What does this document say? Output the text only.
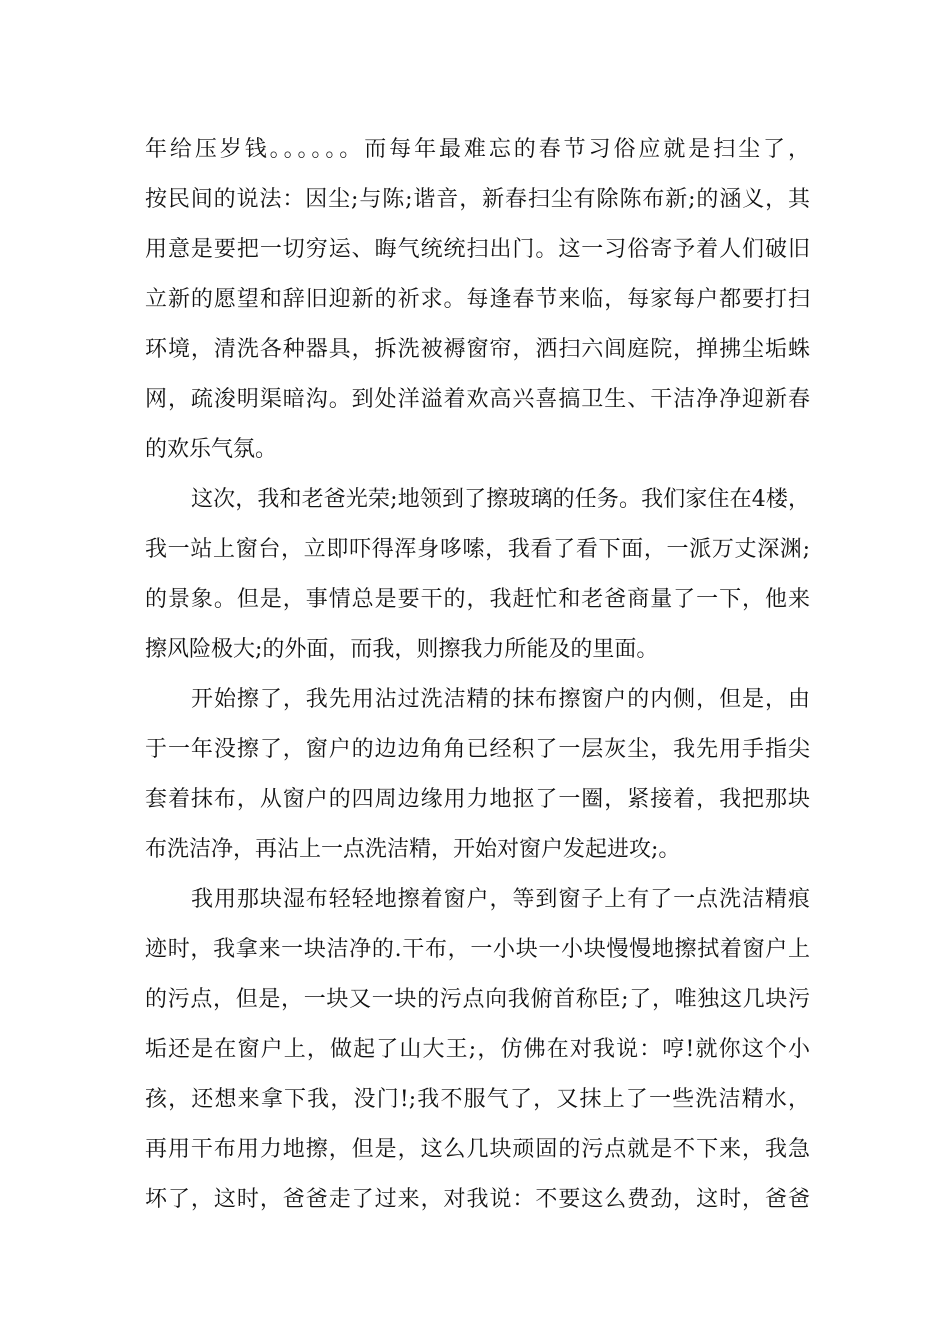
年给压岁钱。。。。。。而每年最难忘的春节习俗应就是扫尘了，
按民间的说法：因尘;与陈;谐音，新春扫尘有除陈布新;的涵义，其
用意是要把一切穷运、晦气统统扫出门。这一习俗寄予着人们破旧
立新的愿望和辞旧迎新的祈求。每逢春节来临，每家每户都要打扫
环境，清洗各种器具，拆洗被褥窗帘，洒扫六闾庭院，掸拂尘垢蛛
网，疏浚明渠暗沟。到处洋溢着欢高兴喜搞卫生、干洁净净迎新春
的欢乐气氛。
这次，我和老爸光荣;地领到了擦玻璃的任务。我们家住在4楼，
我一站上窗台，立即吓得浑身哆嗦，我看了看下面，一派万丈深渊;
的景象。但是，事情总是要干的，我赶忙和老爸商量了一下，他来
擦风险极大;的外面，而我，则擦我力所能及的里面。
开始擦了，我先用沾过洗洁精的抹布擦窗户的内侧，但是，由
于一年没擦了，窗户的边边角角已经积了一层灰尘，我先用手指尖
套着抹布，从窗户的四周边缘用力地抠了一圈，紧接着，我把那块
布洗洁净，再沾上一点洗洁精，开始对窗户发起进攻;。
我用那块湿布轻轻地擦着窗户，等到窗子上有了一点洗洁精痕
迹时，我拿来一块洁净的.干布，一小块一小块慢慢地擦拭着窗户上
的污点，但是，一块又一块的污点向我俯首称臣;了，唯独这几块污
垢还是在窗户上，做起了山大王;，仿佛在对我说：哼!就你这个小
孩，还想来拿下我，没门!;我不服气了，又抹上了一些洗洁精水，
再用干布用力地擦，但是，这么几块顽固的污点就是不下来，我急
坏了，这时，爸爸走了过来，对我说：不要这么费劲，这时，爸爸
